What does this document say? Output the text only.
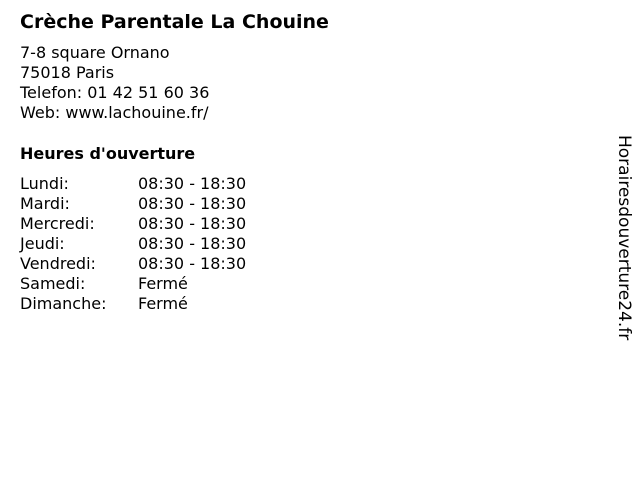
Crèche Parentale La Chouine
7-8 square Ornano
75018 Paris
Telefon: 01 42 51 60 36
Web: www.lachouine.fr/
Heures d'ouverture
Lundi:	08:30 - 18:30
Mardi:	08:30 - 18:30
Mercredi:	08:30 - 18:30
Jeudi:	08:30 - 18:30
Vendredi:	08:30 - 18:30
Samedi:	Fermé
Dimanche:	Fermé	Horairesdouverture24.fr
